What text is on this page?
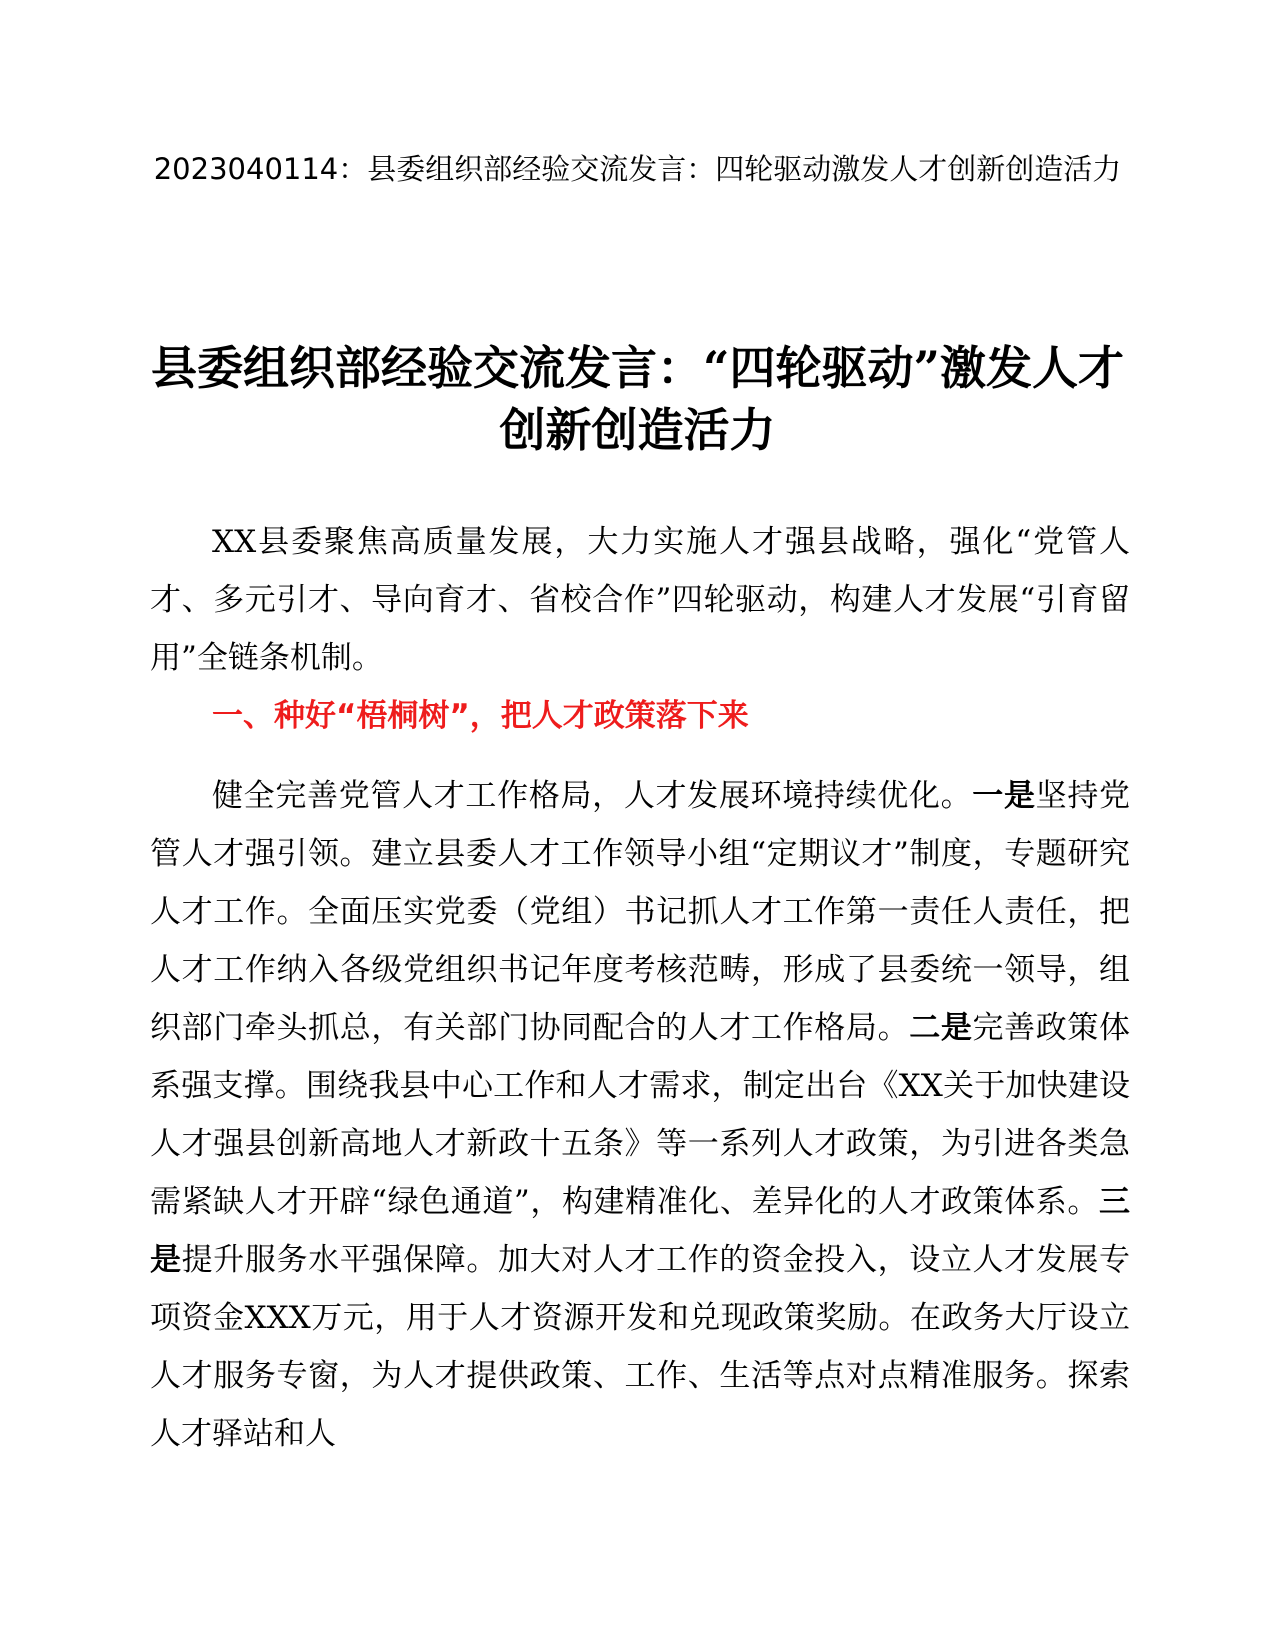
2023040114：县委组织部经验交流发言：四轮驱动激发人才创新创造活力
县委组织部经验交流发言：“四轮驱动”激发人才创新创造活力

XX县委聚焦高质量发展，大力实施人才强县战略，强化“党管人才、多元引才、导向育才、省校合作”四轮驱动，构建人才发展“引育留用”全链条机制。

一、种好“梧桐树”，把人才政策落下来

健全完善党管人才工作格局，人才发展环境持续优化。一是坚持党管人才强引领。建立县委人才工作领导小组“定期议才”制度，专题研究人才工作。全面压实党委（党组）书记抓人才工作第一责任人责任，把人才工作纳入各级党组织书记年度考核范畴，形成了县委统一领导，组织部门牵头抓总，有关部门协同配合的人才工作格局。二是完善政策体系强支撑。围绕我县中心工作和人才需求，制定出台《XX关于加快建设人才强县创新高地人才新政十五条》等一系列人才政策，为引进各类急需紧缺人才开辟“绿色通道”，构建精准化、差异化的人才政策体系。三是提升服务水平强保障。加大对人才工作的资金投入，设立人才发展专项资金XXX万元，用于人才资源开发和兑现政策奖励。在政务大厅设立人才服务专窗，为人才提供政策、工作、生活等点对点精准服务。探索人才驿站和人
